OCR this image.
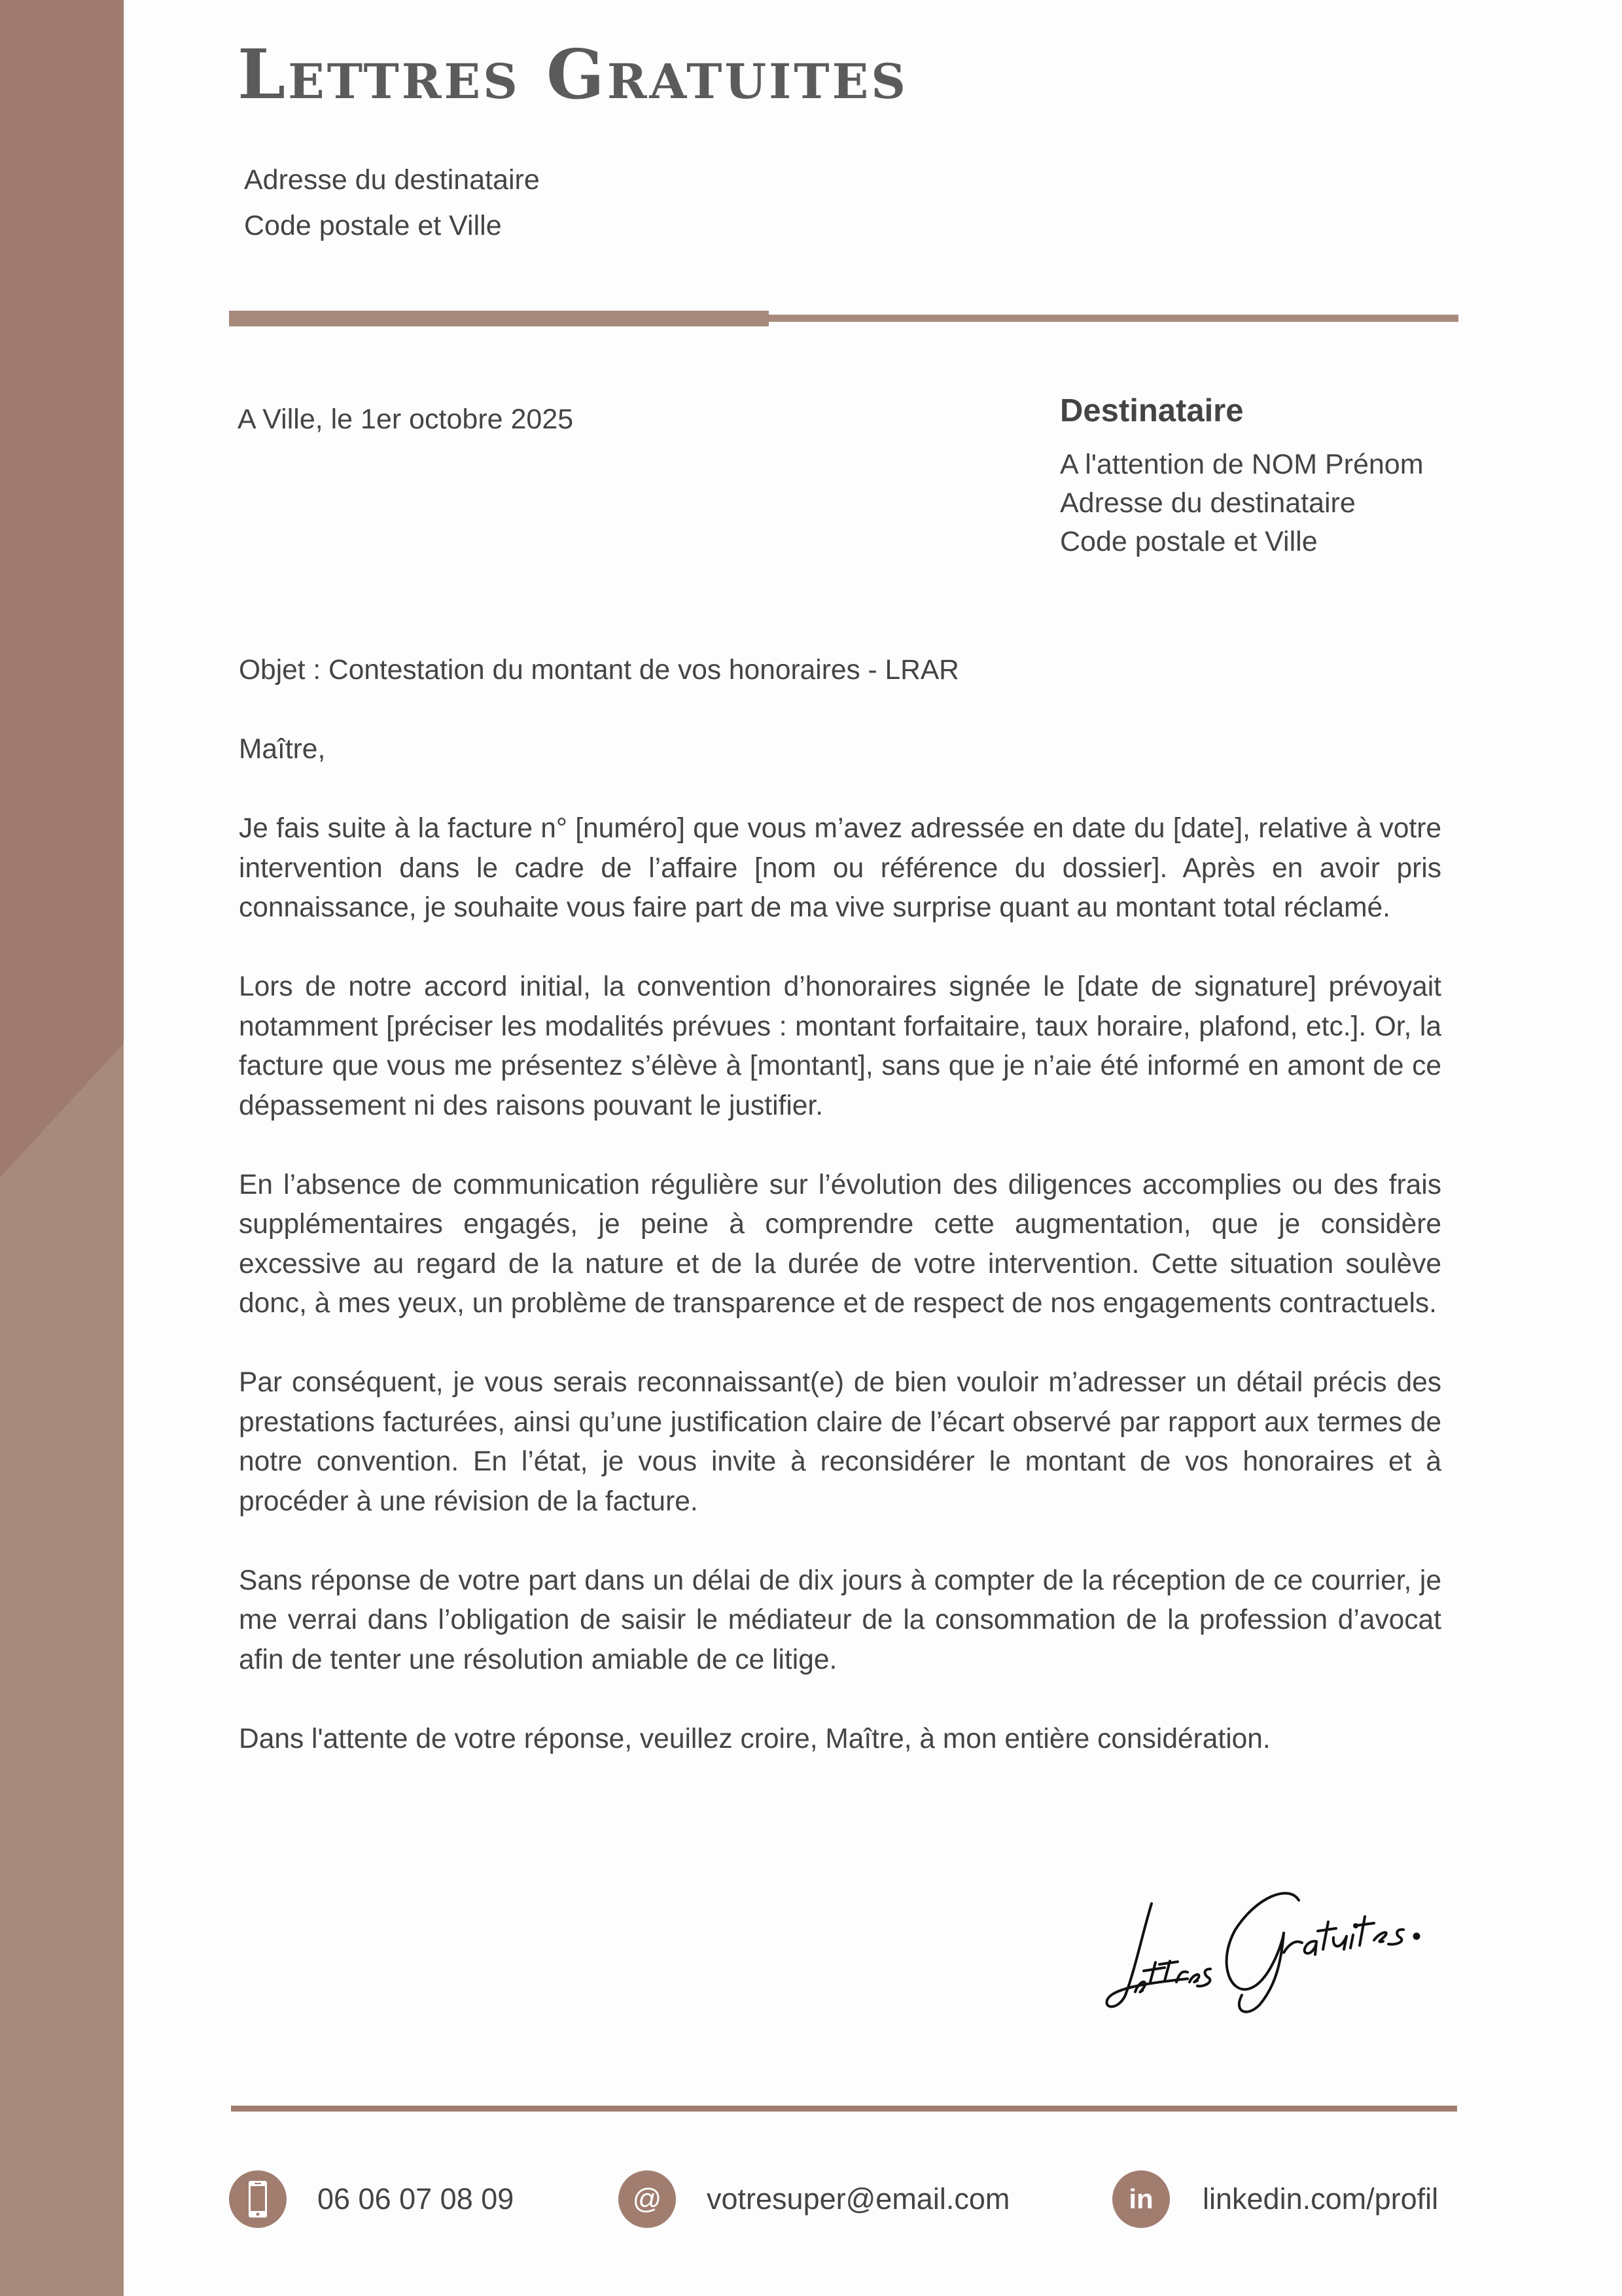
Lettres Gratuites
Adresse du destinataire
Code postale et Ville
A Ville, le 1er octobre 2025	Destinataire
A l'attention de NOM Prénom
Adresse du destinataire
Code postale et Ville

Objet : Contestation du montant de vos honoraires - LRAR

Maître,

Je fais suite à la facture n° [numéro] que vous m’avez adressée en date du [date], relative à votre intervention dans le cadre de l’affaire [nom ou référence du dossier]. Après en avoir pris connaissance, je souhaite vous faire part de ma vive surprise quant au montant total réclamé.

Lors de notre accord initial, la convention d’honoraires signée le [date de signature] prévoyait notamment [préciser les modalités prévues : montant forfaitaire, taux horaire, plafond, etc.]. Or, la facture que vous me présentez s’élève à [montant], sans que je n’aie été informé en amont de ce dépassement ni des raisons pouvant le justifier.

En l’absence de communication régulière sur l’évolution des diligences accomplies ou des frais supplémentaires engagés, je peine à comprendre cette augmentation, que je considère excessive au regard de la nature et de la durée de votre intervention. Cette situation soulève donc, à mes yeux, un problème de transparence et de respect de nos engagements contractuels.

Par conséquent, je vous serais reconnaissant(e) de bien vouloir m’adresser un détail précis des prestations facturées, ainsi qu’une justification claire de l’écart observé par rapport aux termes de notre convention. En l’état, je vous invite à reconsidérer le montant de vos honoraires et à procéder à une révision de la facture.

Sans réponse de votre part dans un délai de dix jours à compter de la réception de ce courrier, je me verrai dans l’obligation de saisir le médiateur de la consommation de la profession d’avocat afin de tenter une résolution amiable de ce litige.

Dans l'attente de votre réponse, veuillez croire, Maître, à mon entière considération.

06 06 07 08 09	@ votresuper@email.com	in linkedin.com/profil
